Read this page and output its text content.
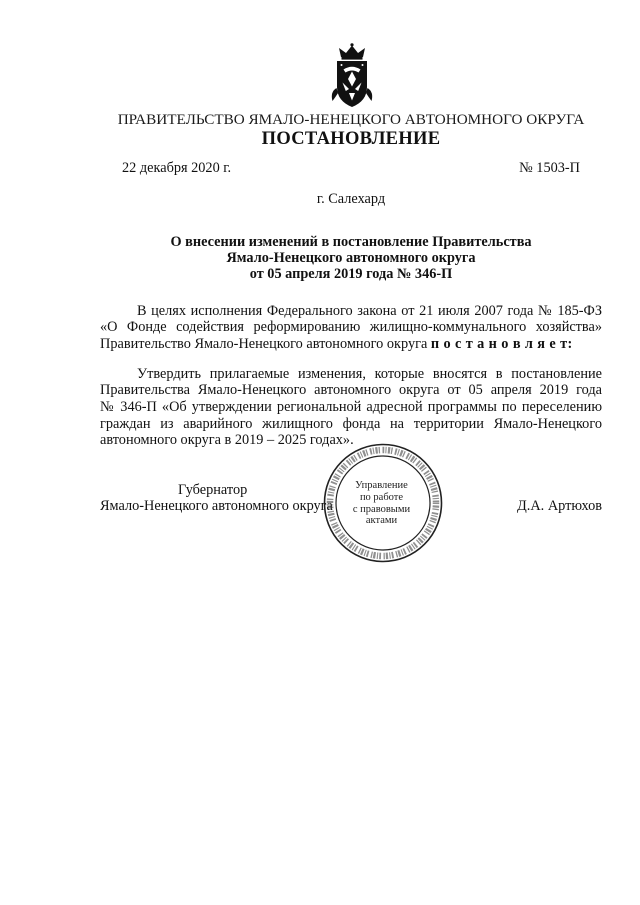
ПРАВИТЕЛЬСТВО ЯМАЛО-НЕНЕЦКОГО АВТОНОМНОГО ОКРУГА
ПОСТАНОВЛЕНИЕ
22 декабря 2020 г.	№ 1503-П
г. Салехард
О внесении изменений в постановление Правительства
Ямало-Ненецкого автономного округа
от 05 апреля 2019 года № 346-П
В целях исполнения Федерального закона от 21 июля 2007 года № 185-ФЗ
«О Фонде содействия реформированию жилищно-коммунального хозяйства»
Правительство Ямало-Ненецкого автономного округа п о с т а н о в л я е т:
Утвердить прилагаемые изменения, которые вносятся в постановление
Правительства Ямало-Ненецкого автономного округа от 05 апреля 2019 года
№ 346-П «Об утверждении региональной адресной программы по переселению
граждан из аварийного жилищного фонда на территории Ямало-Ненецкого
автономного округа в 2019 – 2025 годах».
Губернатор
Ямало-Ненецкого автономного округа	Д.А. Артюхов
Управление
по работе
с правовыми
актами
